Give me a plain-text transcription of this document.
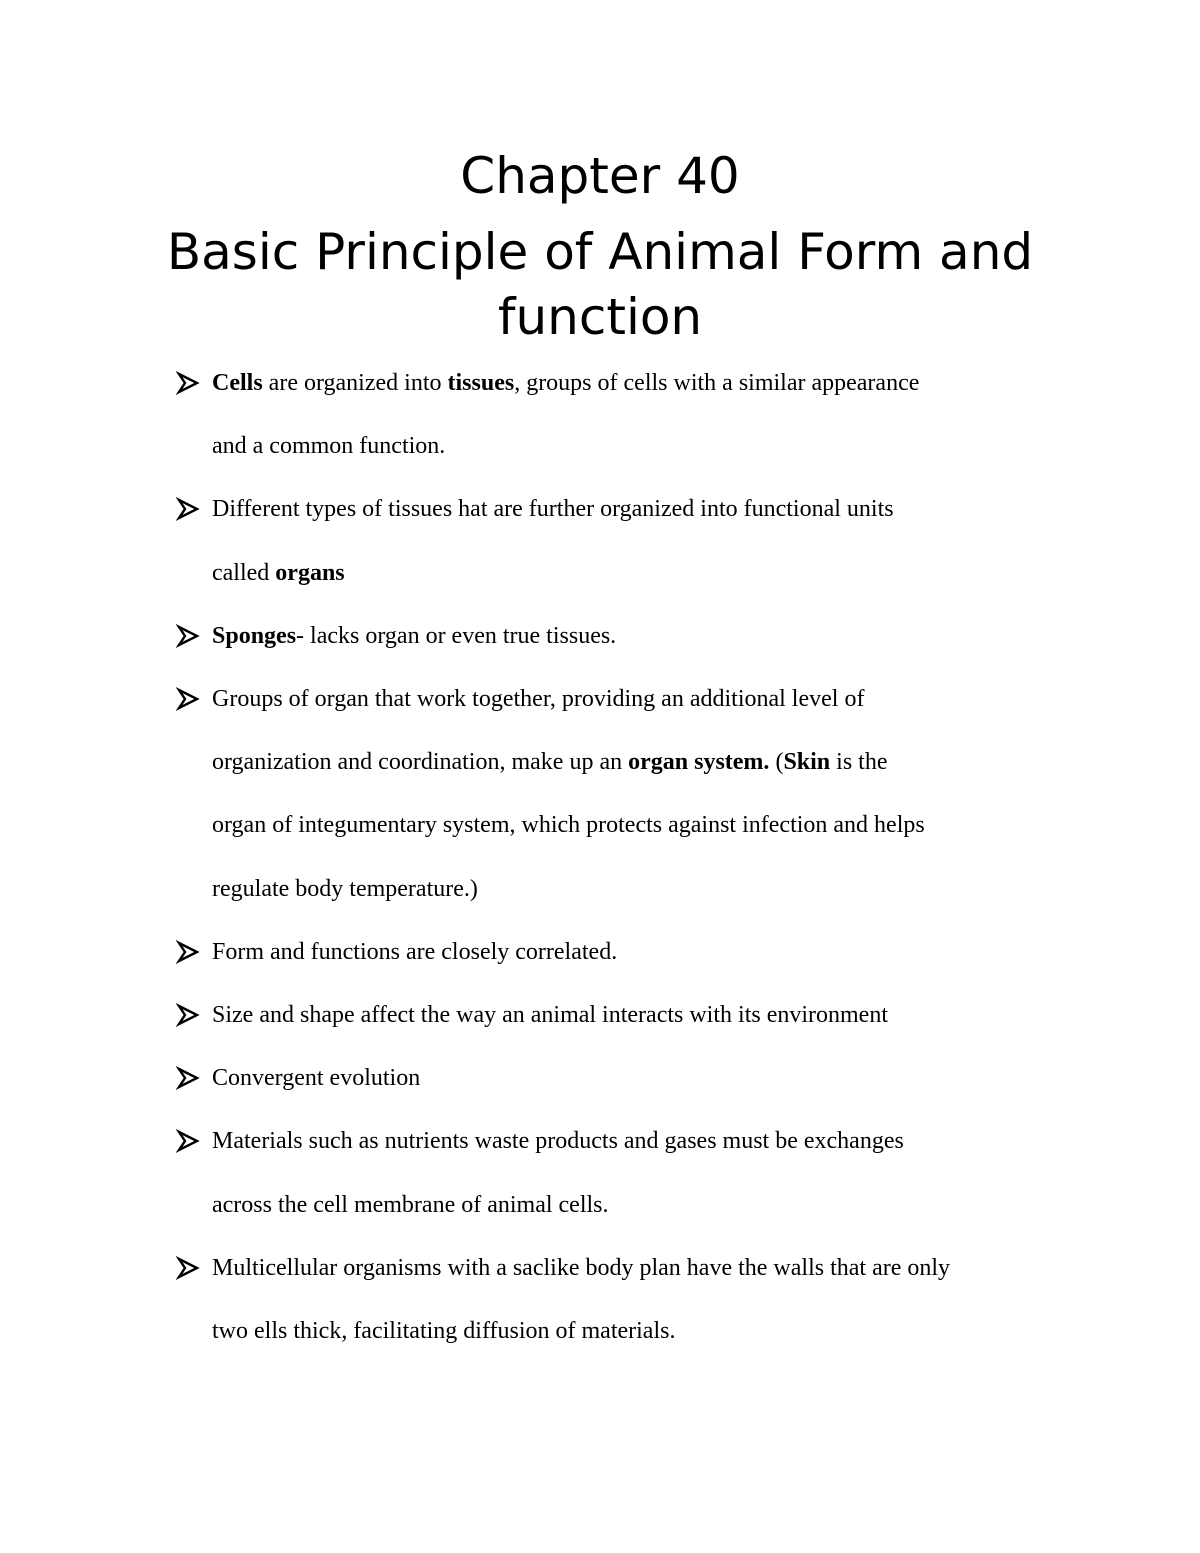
Chapter 40
Basic Principle of Animal Form and
function
Cells are organized into tissues, groups of cells with a similar appearance
and a common function.
Different types of tissues hat are further organized into functional units
called organs
Sponges- lacks organ or even true tissues.
Groups of organ that work together, providing an additional level of
organization and coordination, make up an organ system. (Skin is the
organ of integumentary system, which protects against infection and helps
regulate body temperature.)
Form and functions are closely correlated.
Size and shape affect the way an animal interacts with its environment
Convergent evolution
Materials such as nutrients waste products and gases must be exchanges
across the cell membrane of animal cells.
Multicellular organisms with a saclike body plan have the walls that are only
two ells thick, facilitating diffusion of materials.
